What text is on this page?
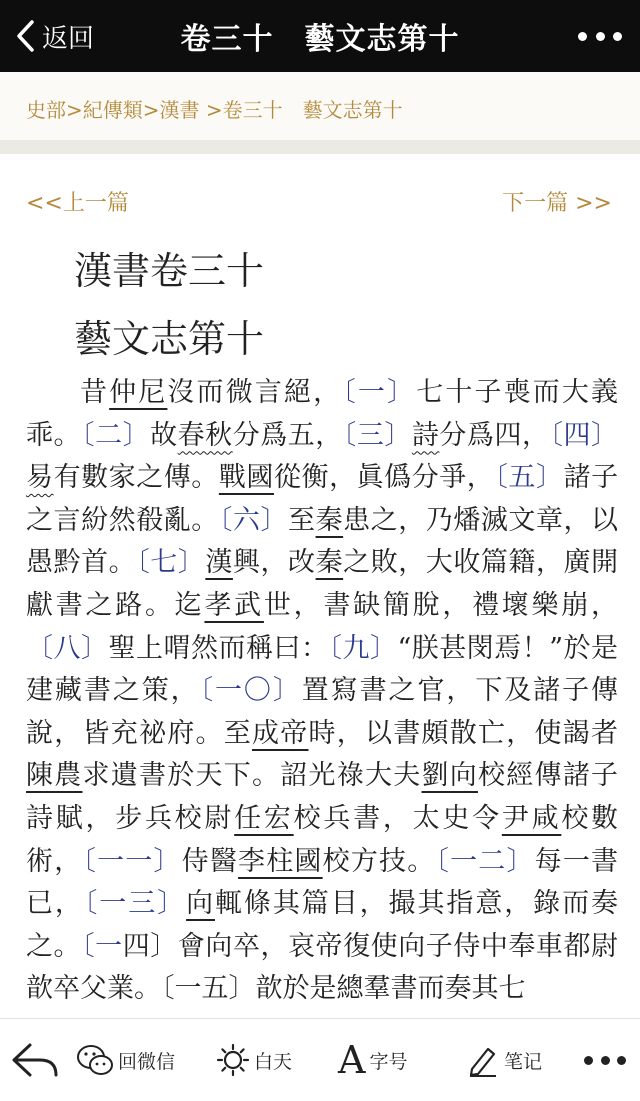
返回	卷三十　藝文志第十
史部>紀傳類>漢書 >卷三十　 藝文志第十
<<上一篇	下一篇 >>
漢書卷三十
藝文志第十

昔仲尼沒而微言絕，〔一〕七十子喪而大義乖。〔二〕故春秋分爲五，〔三〕詩分爲四，〔四〕易有數家之傳。戰國從衡，眞僞分爭，〔五〕諸子之言紛然殽亂。〔六〕至秦患之，乃燔滅文章，以愚黔首。〔七〕漢興，改秦之敗，大收篇籍，廣開獻書之路。迄孝武世，書缺簡脫，禮壞樂崩，〔八〕聖上喟然而稱曰：〔九〕“朕甚閔焉！”於是建藏書之策，〔一〇〕置寫書之官，下及諸子傳說，皆充祕府。至成帝時，以書頗散亡，使謁者陳農求遺書於天下。詔光祿大夫劉向校經傳諸子詩賦，步兵校尉任宏校兵書，太史令尹咸校數術，〔一一〕侍醫李柱國校方技。〔一二〕每一書已，〔一三〕向輒條其篇目，撮其指意，錄而奏之。〔一四〕會向卒，哀帝復使向子侍中奉車都尉歆卒父業。〔一五〕歆於是總羣書而奏其七

回微信	白天 A 字号	笔记
